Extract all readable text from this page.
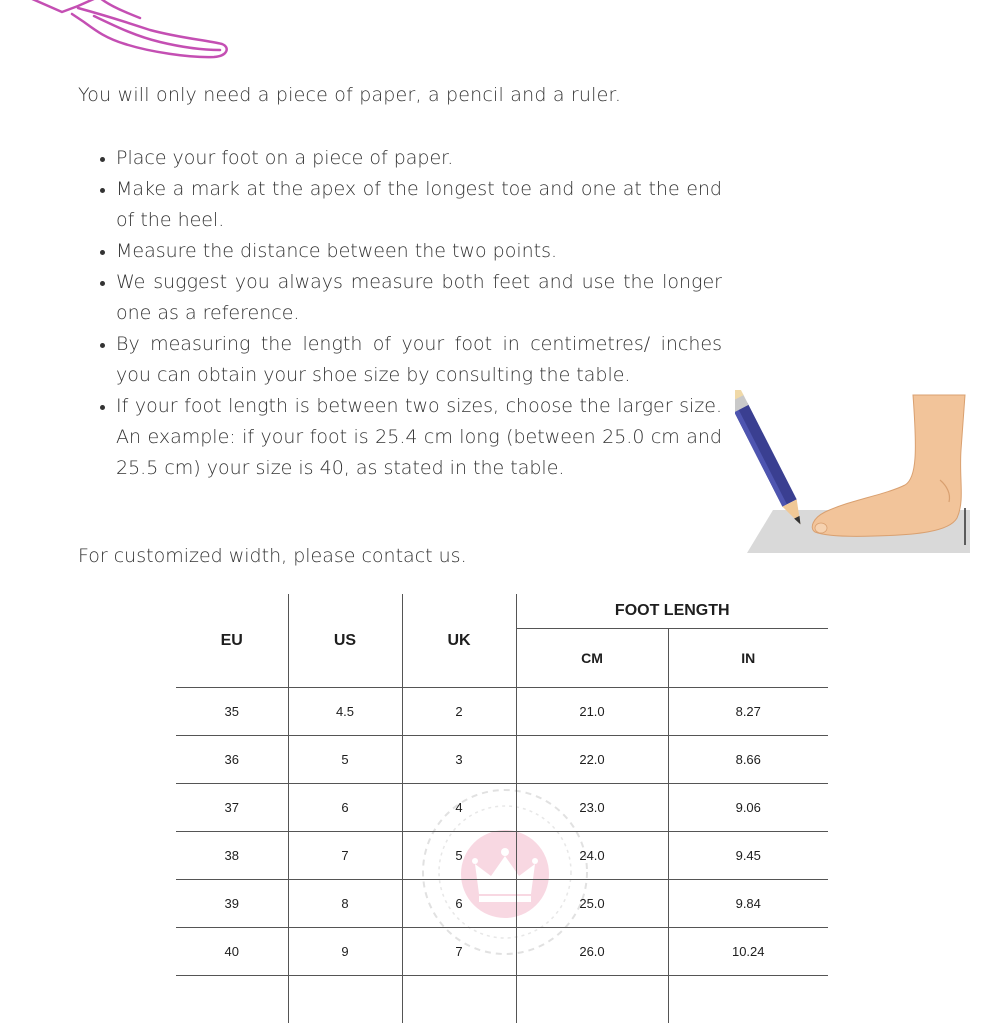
You will only need a piece of paper, a pencil and a ruler.

• Place your foot on a piece of paper.
• Make a mark at the apex of the longest toe and one at the end of the heel.
• Measure the distance between the two points.
• We suggest you always measure both feet and use the longer one as a reference.
• By measuring the length of your foot in centimetres/ inches you can obtain your shoe size by consulting the table.
• If your foot length is between two sizes, choose the larger size. An example: if your foot is 25.4 cm long (between 25.0 cm and 25.5 cm) your size is 40, as stated in the table.

For customized width, please contact us.

EU	US	UK	FOOT LENGTH	
			CM	IN
35	4.5	2	21.0	8.27
36	5	3	22.0	8.66
37	6	4	23.0	9.06
38	7	5	24.0	9.45
39	8	6	25.0	9.84
40	9	7	26.0	10.24
